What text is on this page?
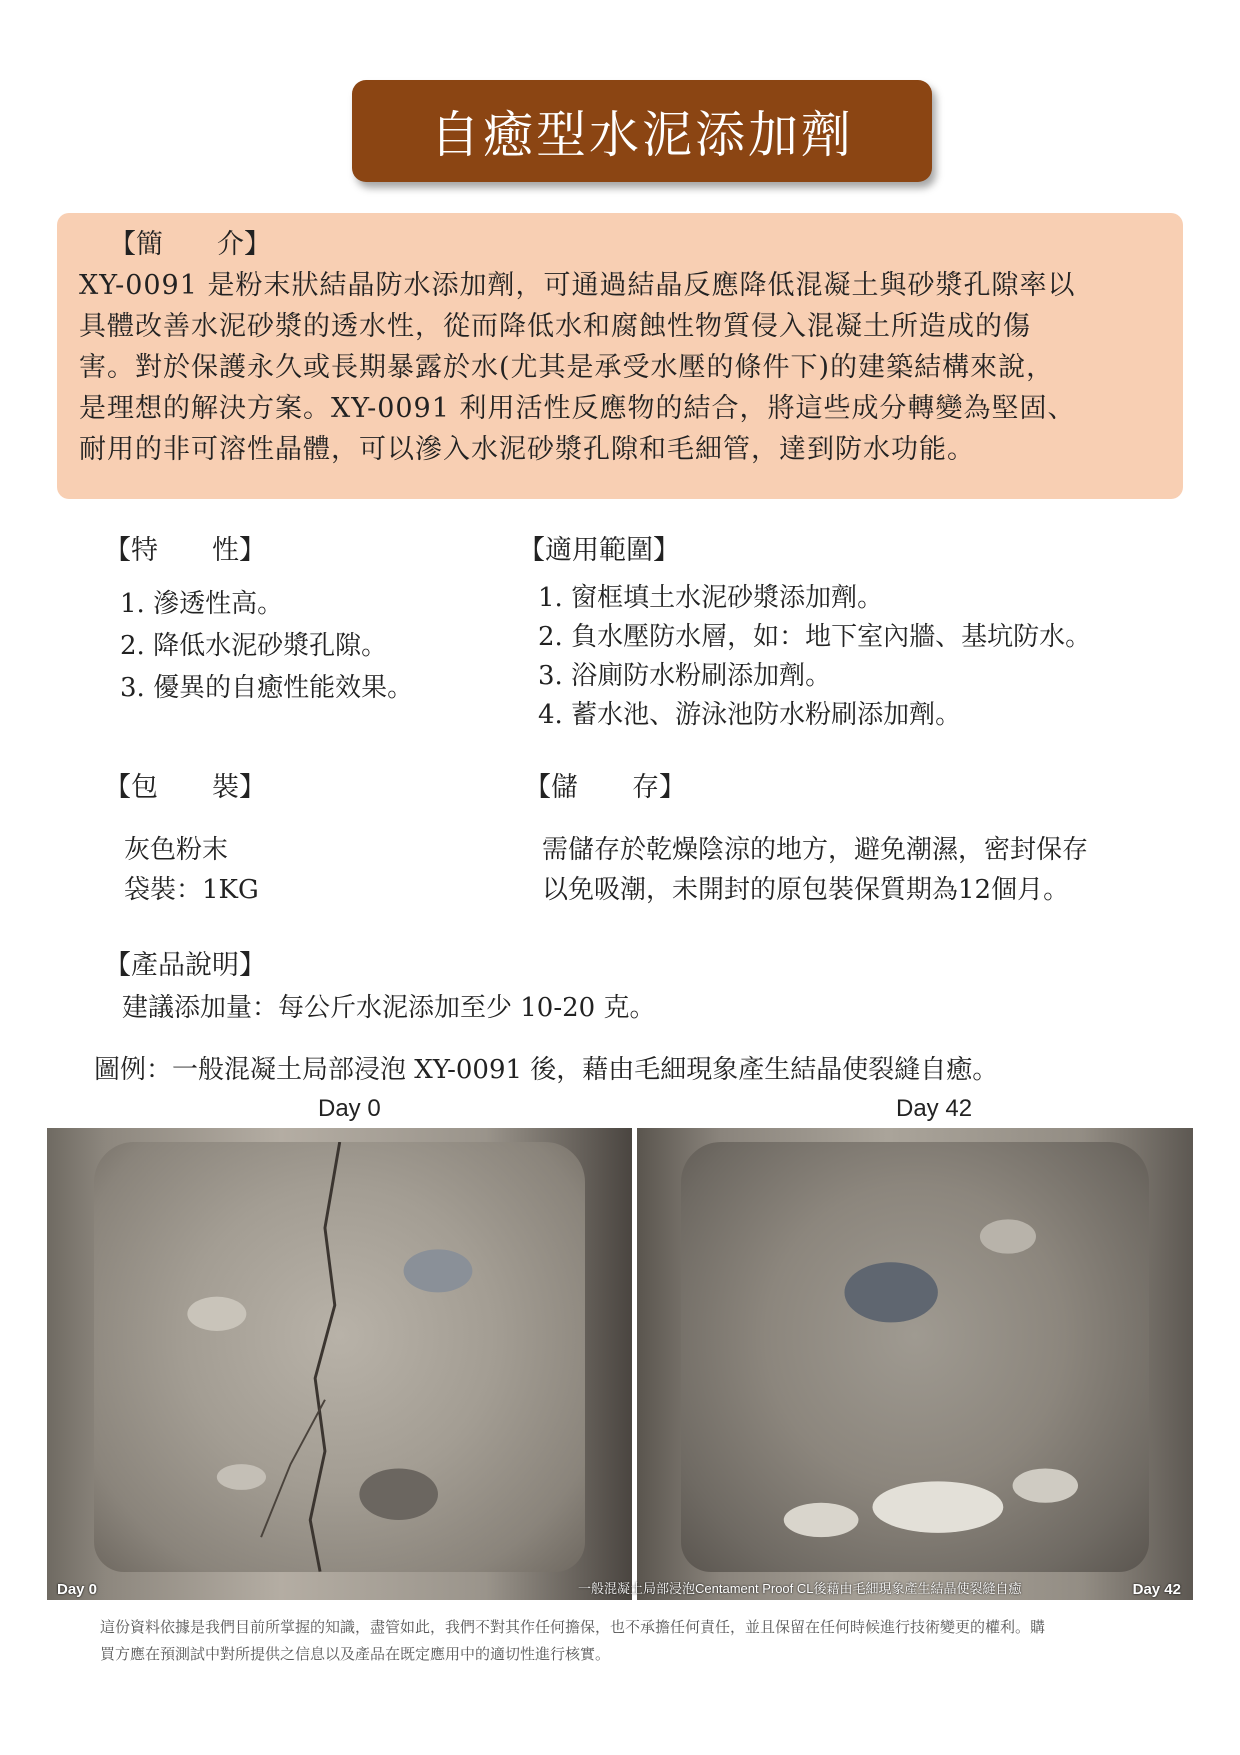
自癒型水泥添加劑
【簡　　介】
XY-0091 是粉末狀結晶防水添加劑，可通過結晶反應降低混凝土與砂漿孔隙率以
具體改善水泥砂漿的透水性，從而降低水和腐蝕性物質侵入混凝土所造成的傷
害。對於保護永久或長期暴露於水(尤其是承受水壓的條件下)的建築結構來說，
是理想的解決方案。XY-0091 利用活性反應物的結合，將這些成分轉變為堅固、
耐用的非可溶性晶體，可以滲入水泥砂漿孔隙和毛細管，達到防水功能。
【特　　性】
1. 滲透性高。
2. 降低水泥砂漿孔隙。
3. 優異的自癒性能效果。
【適用範圍】
1. 窗框填土水泥砂漿添加劑。
2. 負水壓防水層，如：地下室內牆、基坑防水。
3. 浴廁防水粉刷添加劑。
4. 蓄水池、游泳池防水粉刷添加劑。
【包　　裝】
灰色粉末
袋裝：1KG
【儲　　存】
需儲存於乾燥陰涼的地方，避免潮濕，密封保存
以免吸潮，未開封的原包裝保質期為12個月。
【產品說明】
建議添加量：每公斤水泥添加至少 10-20 克。
圖例：一般混凝土局部浸泡 XY-0091 後，藉由毛細現象產生結晶使裂縫自癒。
Day 0	Day 42
Day 0	Day 42
一般混凝土局部浸泡Centament Proof CL後藉由毛細現象產生結晶使裂縫自癒
這份資料依據是我們目前所掌握的知識，盡管如此，我們不對其作任何擔保，也不承擔任何責任，並且保留在任何時候進行技術變更的權利。購
買方應在預測試中對所提供之信息以及產品在既定應用中的適切性進行核實。
